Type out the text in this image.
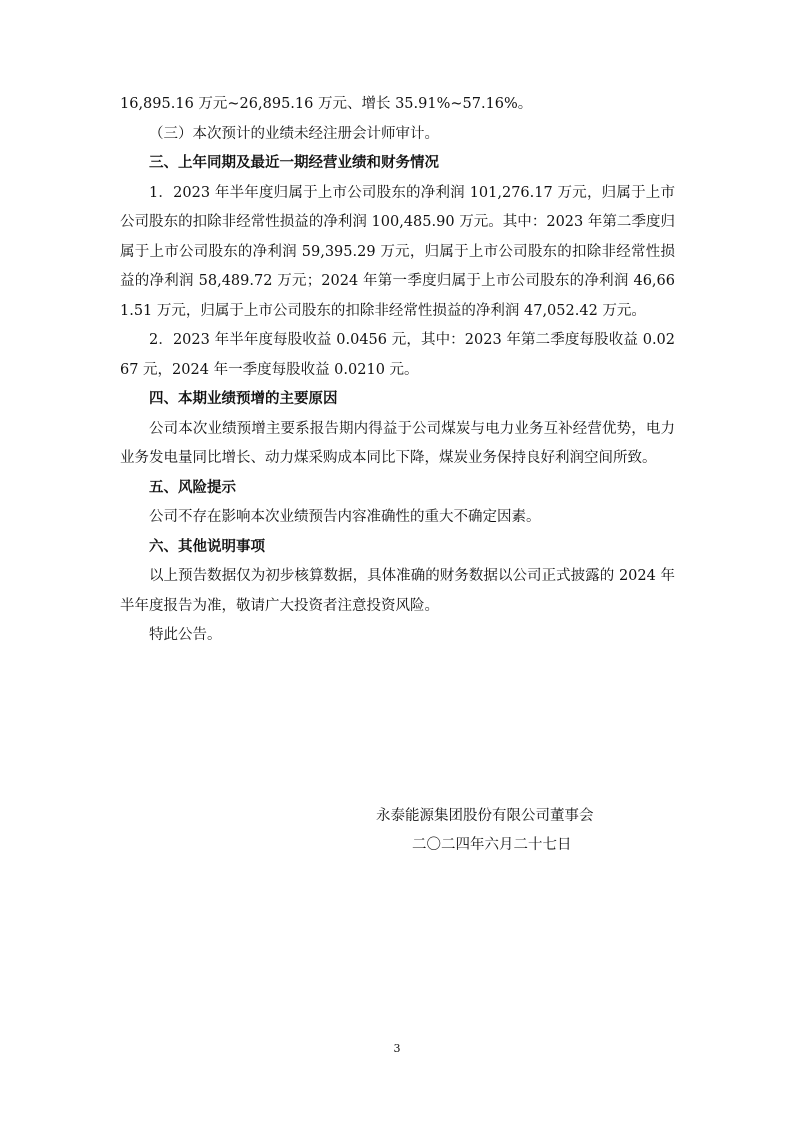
16,895.16 万元~26,895.16 万元、增长 35.91%~57.16%。

（三）本次预计的业绩未经注册会计师审计。

三、上年同期及最近一期经营业绩和财务情况

1．2023 年半年度归属于上市公司股东的净利润 101,276.17 万元，归属于上市公司股东的扣除非经常性损益的净利润 100,485.90 万元。其中：2023 年第二季度归属于上市公司股东的净利润 59,395.29 万元，归属于上市公司股东的扣除非经常性损益的净利润 58,489.72 万元；2024 年第一季度归属于上市公司股东的净利润 46,661.51 万元，归属于上市公司股东的扣除非经常性损益的净利润 47,052.42 万元。

2．2023 年半年度每股收益 0.0456 元，其中：2023 年第二季度每股收益 0.0267 元，2024 年一季度每股收益 0.0210 元。

四、本期业绩预增的主要原因

公司本次业绩预增主要系报告期内得益于公司煤炭与电力业务互补经营优势，电力业务发电量同比增长、动力煤采购成本同比下降，煤炭业务保持良好利润空间所致。

五、风险提示

公司不存在影响本次业绩预告内容准确性的重大不确定因素。

六、其他说明事项

以上预告数据仅为初步核算数据，具体准确的财务数据以公司正式披露的 2024 年半年度报告为准，敬请广大投资者注意投资风险。

特此公告。

永泰能源集团股份有限公司董事会
二〇二四年六月二十七日
3
